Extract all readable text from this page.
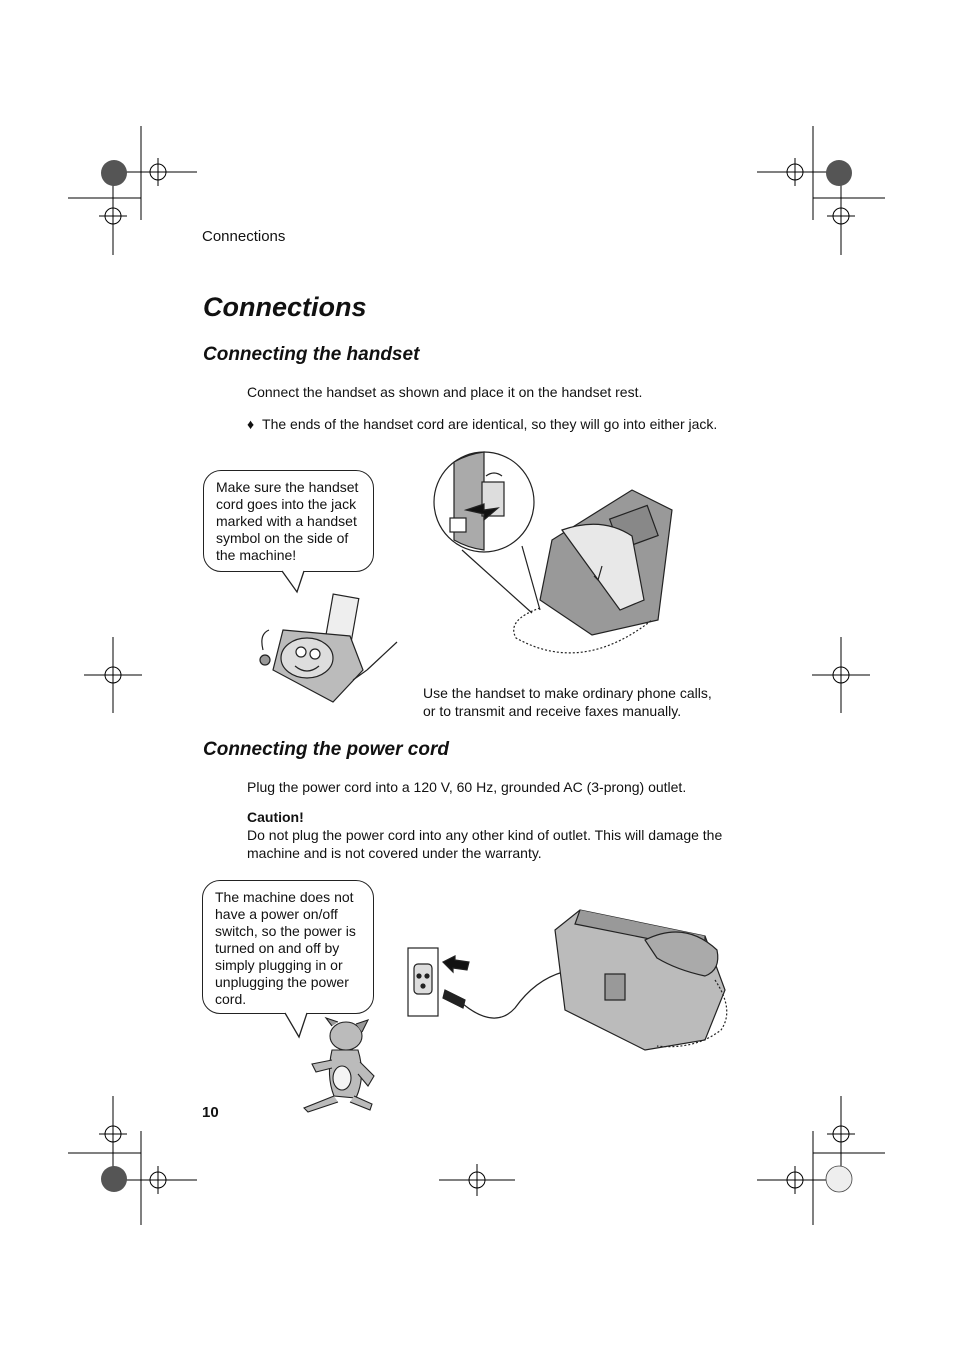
Connections
Connections
Connecting the handset
Connect the handset as shown and place it on the handset rest.
♦ The ends of the handset cord are identical, so they will go into either jack.
Make sure the handset cord goes into the jack marked with a handset symbol on the side of the machine!
Use the handset to make ordinary phone calls,
or to transmit and receive faxes manually.
Connecting the power cord
Plug the power cord into a 120 V, 60 Hz, grounded AC (3-prong) outlet.
Caution!
Do not plug the power cord into any other kind of outlet. This will damage the machine and is not covered under the warranty.
The machine does not have a power on/off switch, so the power is turned on and off by simply plugging in or unplugging the power cord.
10
